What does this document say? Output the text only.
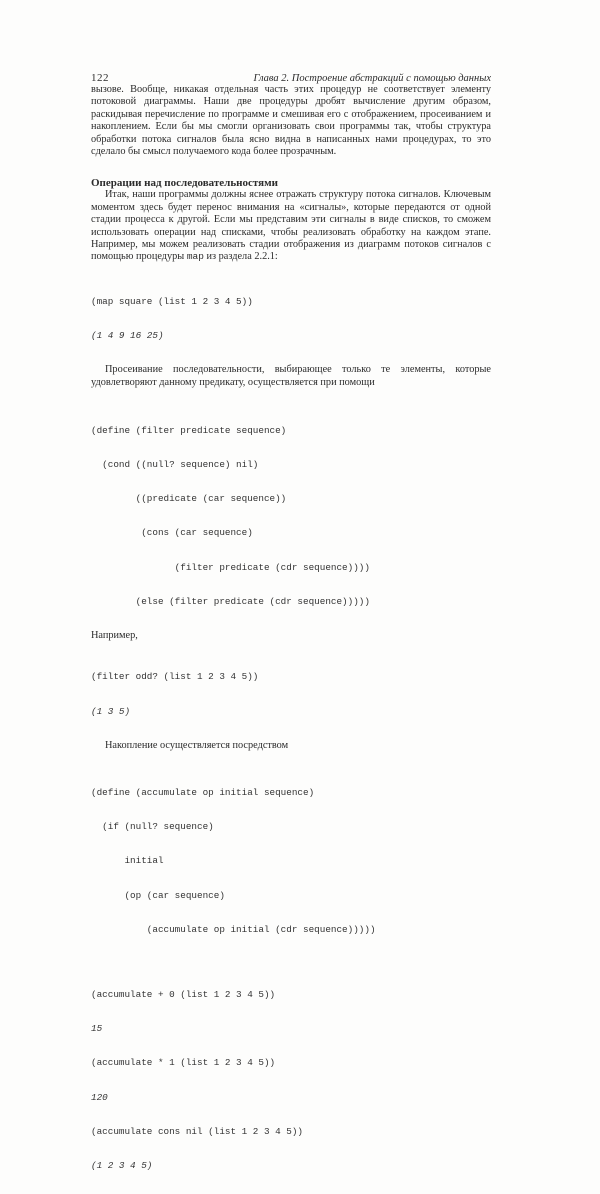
122	Глава 2. Построение абстракций с помощью данных

вызове. Вообще, никакая отдельная часть этих процедур не соответствует элементу потоковой диаграммы. Наши две процедуры дробят вычисление другим образом, раскидывая перечисление по программе и смешивая его с отображением, просеиванием и накоплением. Если бы мы смогли организовать свои программы так, чтобы структура обработки потока сигналов была ясно видна в написанных нами процедурах, то это сделало бы смысл получаемого кода более прозрачным.

Операции над последовательностями

Итак, наши программы должны яснее отражать структуру потока сигналов. Ключевым моментом здесь будет перенос внимания на «сигналы», которые передаются от одной стадии процесса к другой. Если мы представим эти сигналы в виде списков, то сможем использовать операции над списками, чтобы реализовать обработку на каждом этапе. Например, мы можем реализовать стадии отображения из диаграмм потоков сигналов с помощью процедуры map из раздела 2.2.1:

(map square (list 1 2 3 4 5))

(1 4 9 16 25)

Просеивание последовательности, выбирающее только те элементы, которые удовлетворяют данному предикату, осуществляется при помощи

(define (filter predicate sequence)

(cond ((null? sequence) nil)

((predicate (car sequence))

(cons (car sequence)

(filter predicate (cdr sequence))))

(else (filter predicate (cdr sequence)))))

Например,

(filter odd? (list 1 2 3 4 5))

(1 3 5)

Накопление осуществляется посредством

(define (accumulate op initial sequence)

(if (null? sequence)

initial

(op (car sequence)

(accumulate op initial (cdr sequence)))))

(accumulate + 0 (list 1 2 3 4 5))

15

(accumulate * 1 (list 1 2 3 4 5))

120

(accumulate cons nil (list 1 2 3 4 5))

(1 2 3 4 5)
